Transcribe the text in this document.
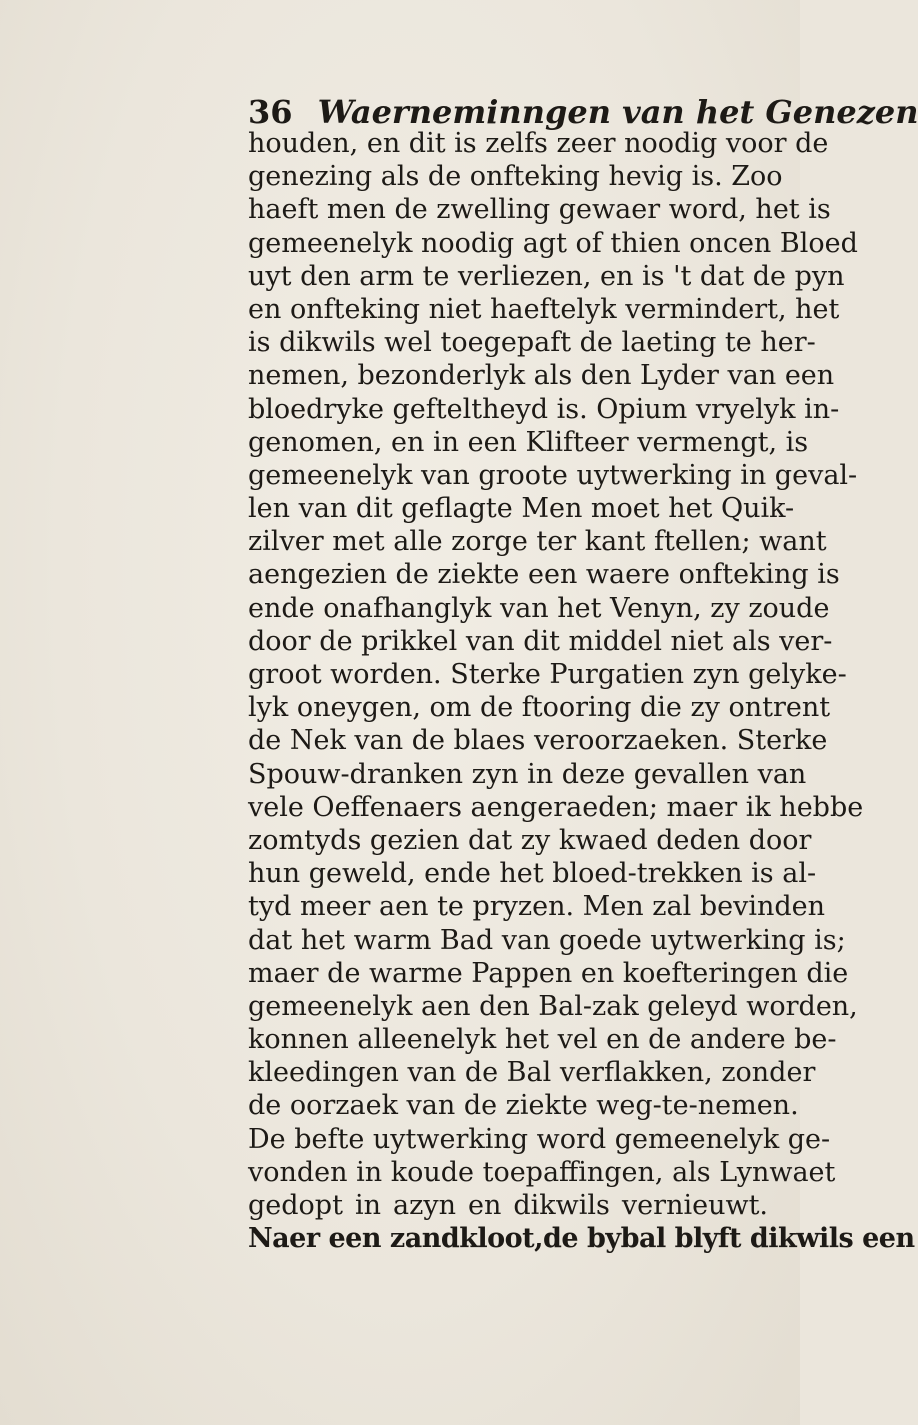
36 Waerneminngen van het Genezen
houden, en dit is zelfs zeer noodig voor de
genezing als de onfteking hevig is. Zoo
haeft men de zwelling gewaer word, het is
gemeenelyk noodig agt of thien oncen Bloed
uyt den arm te verliezen, en is 't dat de pyn
en onfteking niet haeftelyk vermindert, het
is dikwils wel toegepaft de laeting te her-
nemen, bezonderlyk als den Lyder van een
bloedryke gefteltheyd is. Opium vryelyk in-
genomen, en in een Klifteer vermengt, is
gemeenelyk van groote uytwerking in geval-
len van dit geflagte Men moet het Quik-
zilver met alle zorge ter kant ftellen; want
aengezien de ziekte een waere onfteking is
ende onafhanglyk van het Venyn, zy zoude
door de prikkel van dit middel niet als ver-
groot worden. Sterke Purgatien zyn gelyke-
lyk oneygen, om de ftooring die zy ontrent
de Nek van de blaes veroorzaeken. Sterke
Spouw-dranken zyn in deze gevallen van
vele Oeffenaers aengeraeden; maer ik hebbe
zomtyds gezien dat zy kwaed deden door
hun geweld, ende het bloed-trekken is al-
tyd meer aen te pryzen. Men zal bevinden
dat het warm Bad van goede uytwerking is;
maer de warme Pappen en koefteringen die
gemeenelyk aen den Bal-zak geleyd worden,
konnen alleenelyk het vel en de andere be-
kleedingen van de Bal verflakken, zonder
de oorzaek van de ziekte weg-te-nemen.
De befte uytwerking word gemeenelyk ge-
vonden in koude toepaffingen, als Lynwaet
gedopt in azyn en dikwils vernieuwt.
Naer een zandkloot,de bybal blyft dikwils een
